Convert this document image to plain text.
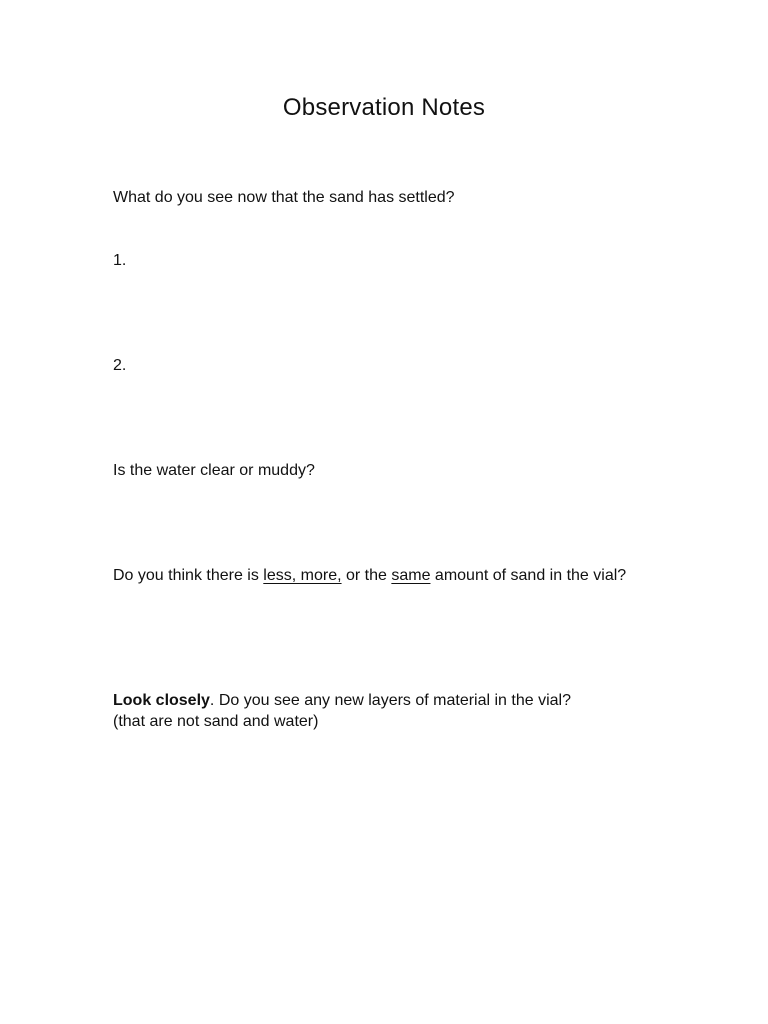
Observation Notes
What do you see now that the sand has settled?
1.
2.
Is the water clear or muddy?
Do you think there is less, more, or the same amount of sand in the vial?
Look closely. Do you see any new layers of material in the vial?
(that are not sand and water)
